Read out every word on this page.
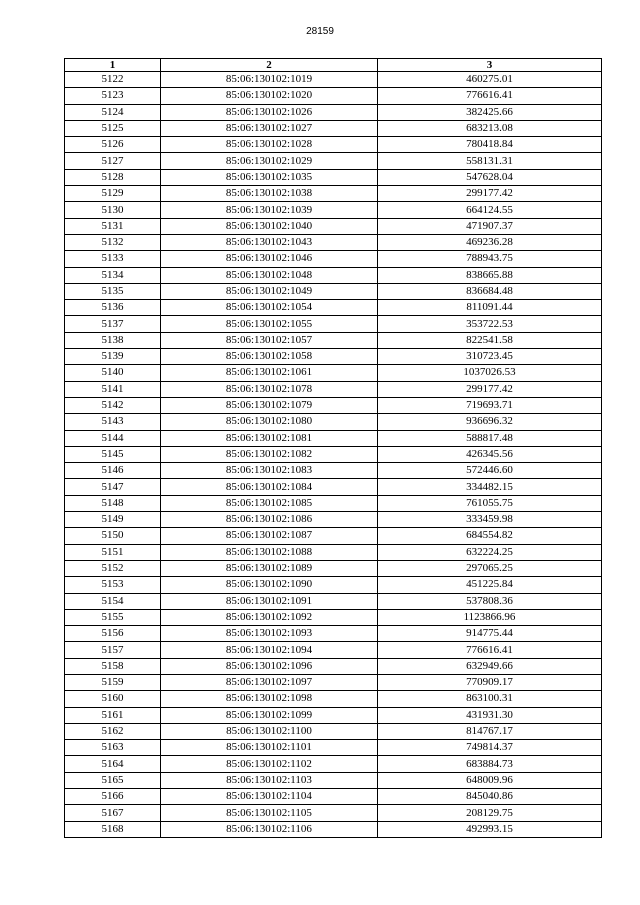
28159
1	2	3
5122	85:06:130102:1019	460275.01
5123	85:06:130102:1020	776616.41
5124	85:06:130102:1026	382425.66
5125	85:06:130102:1027	683213.08
5126	85:06:130102:1028	780418.84
5127	85:06:130102:1029	558131.31
5128	85:06:130102:1035	547628.04
5129	85:06:130102:1038	299177.42
5130	85:06:130102:1039	664124.55
5131	85:06:130102:1040	471907.37
5132	85:06:130102:1043	469236.28
5133	85:06:130102:1046	788943.75
5134	85:06:130102:1048	838665.88
5135	85:06:130102:1049	836684.48
5136	85:06:130102:1054	811091.44
5137	85:06:130102:1055	353722.53
5138	85:06:130102:1057	822541.58
5139	85:06:130102:1058	310723.45
5140	85:06:130102:1061	1037026.53
5141	85:06:130102:1078	299177.42
5142	85:06:130102:1079	719693.71
5143	85:06:130102:1080	936696.32
5144	85:06:130102:1081	588817.48
5145	85:06:130102:1082	426345.56
5146	85:06:130102:1083	572446.60
5147	85:06:130102:1084	334482.15
5148	85:06:130102:1085	761055.75
5149	85:06:130102:1086	333459.98
5150	85:06:130102:1087	684554.82
5151	85:06:130102:1088	632224.25
5152	85:06:130102:1089	297065.25
5153	85:06:130102:1090	451225.84
5154	85:06:130102:1091	537808.36
5155	85:06:130102:1092	1123866.96
5156	85:06:130102:1093	914775.44
5157	85:06:130102:1094	776616.41
5158	85:06:130102:1096	632949.66
5159	85:06:130102:1097	770909.17
5160	85:06:130102:1098	863100.31
5161	85:06:130102:1099	431931.30
5162	85:06:130102:1100	814767.17
5163	85:06:130102:1101	749814.37
5164	85:06:130102:1102	683884.73
5165	85:06:130102:1103	648009.96
5166	85:06:130102:1104	845040.86
5167	85:06:130102:1105	208129.75
5168	85:06:130102:1106	492993.15
